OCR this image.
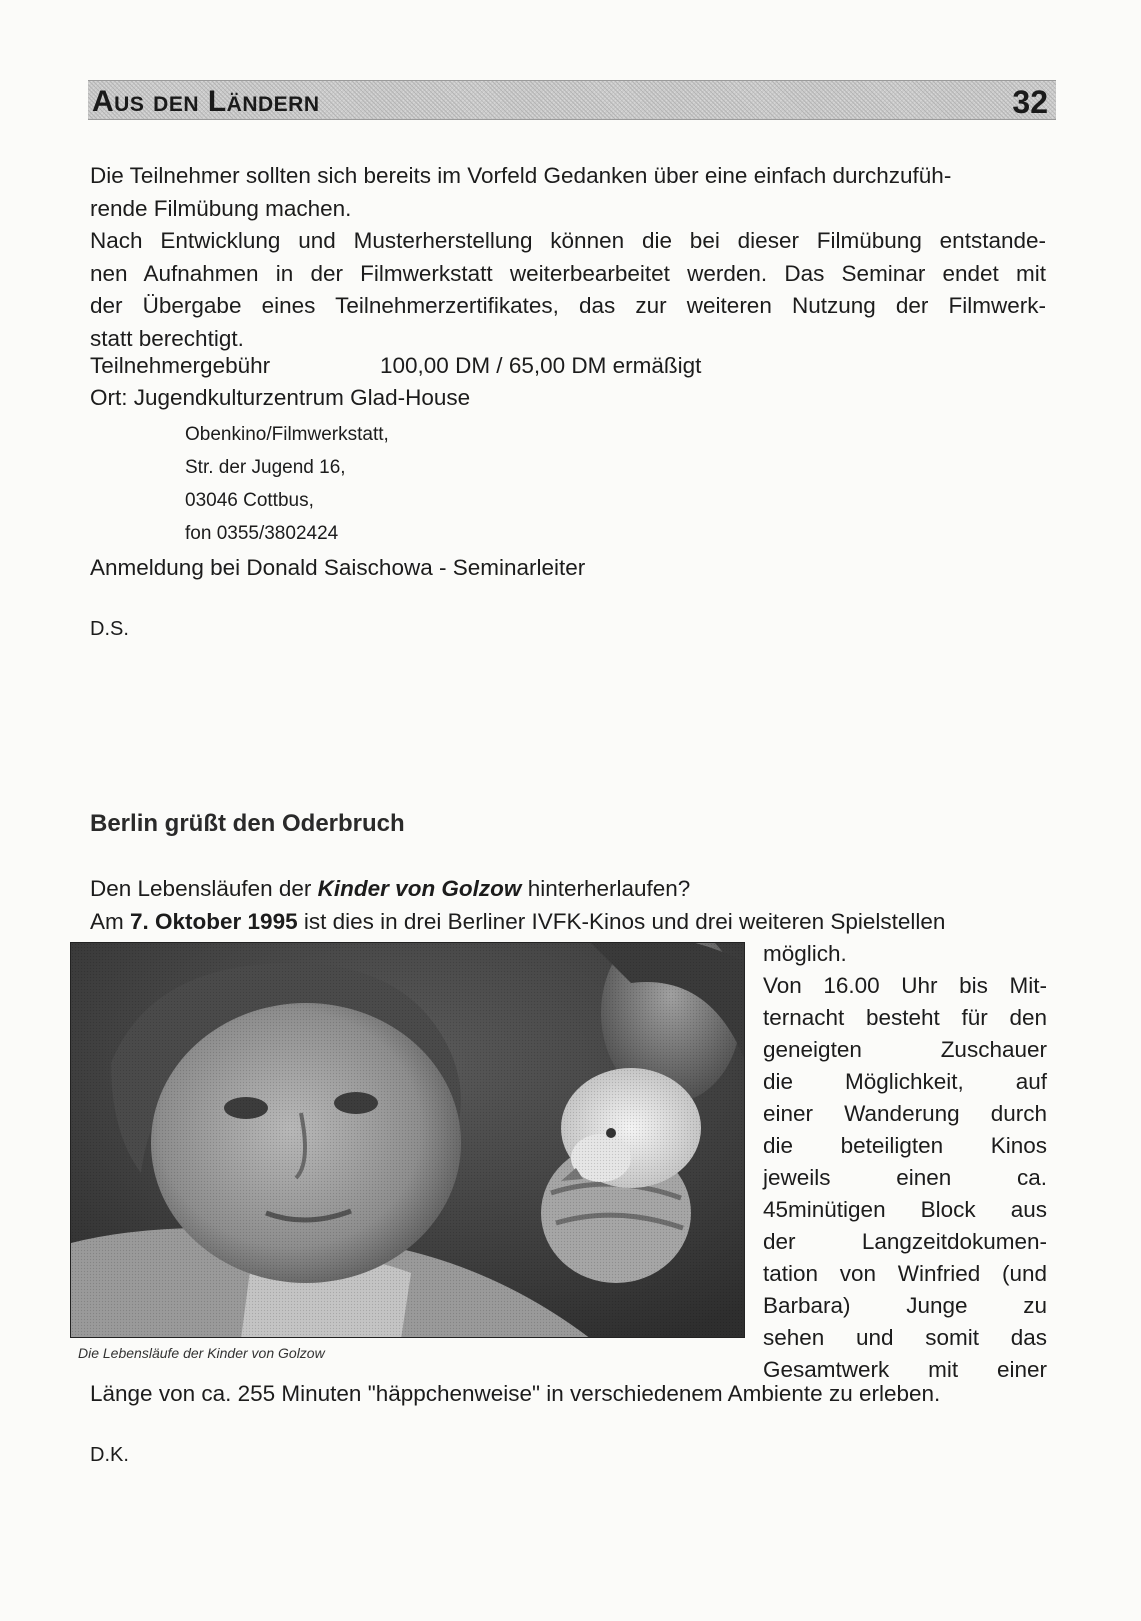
Aus den Ländern	32
Die Teilnehmer sollten sich bereits im Vorfeld Gedanken über eine einfach durchzufüh-
rende Filmübung machen.
Nach Entwicklung und Musterherstellung können die bei dieser Filmübung entstande-
nen Aufnahmen in der Filmwerkstatt weiterbearbeitet werden. Das Seminar endet mit
der Übergabe eines Teilnehmerzertifikates, das zur weiteren Nutzung der Filmwerk-
statt berechtigt.
Teilnehmergebühr	100,00 DM / 65,00 DM ermäßigt
Ort: Jugendkulturzentrum Glad-House
Obenkino/Filmwerkstatt,
Str. der Jugend 16,
03046 Cottbus,
fon 0355/3802424
Anmeldung bei Donald Saischowa - Seminarleiter
D.S.
Berlin grüßt den Oderbruch
Den Lebensläufen der Kinder von Golzow hinterherlaufen?
Am 7. Oktober 1995 ist dies in drei Berliner IVFK-Kinos und drei weiteren Spielstellen
Die Lebensläufe der Kinder von Golzow
möglich.
Von 16.00 Uhr bis Mit-
ternacht besteht für den
geneigten Zuschauer
die Möglichkeit, auf
einer Wanderung durch
die beteiligten Kinos
jeweils einen ca.
45minütigen Block aus
der Langzeitdokumen-
tation von Winfried (und
Barbara) Junge zu
sehen und somit das
Gesamtwerk mit einer
Länge von ca. 255 Minuten "häppchenweise" in verschiedenem Ambiente zu erleben.
D.K.
